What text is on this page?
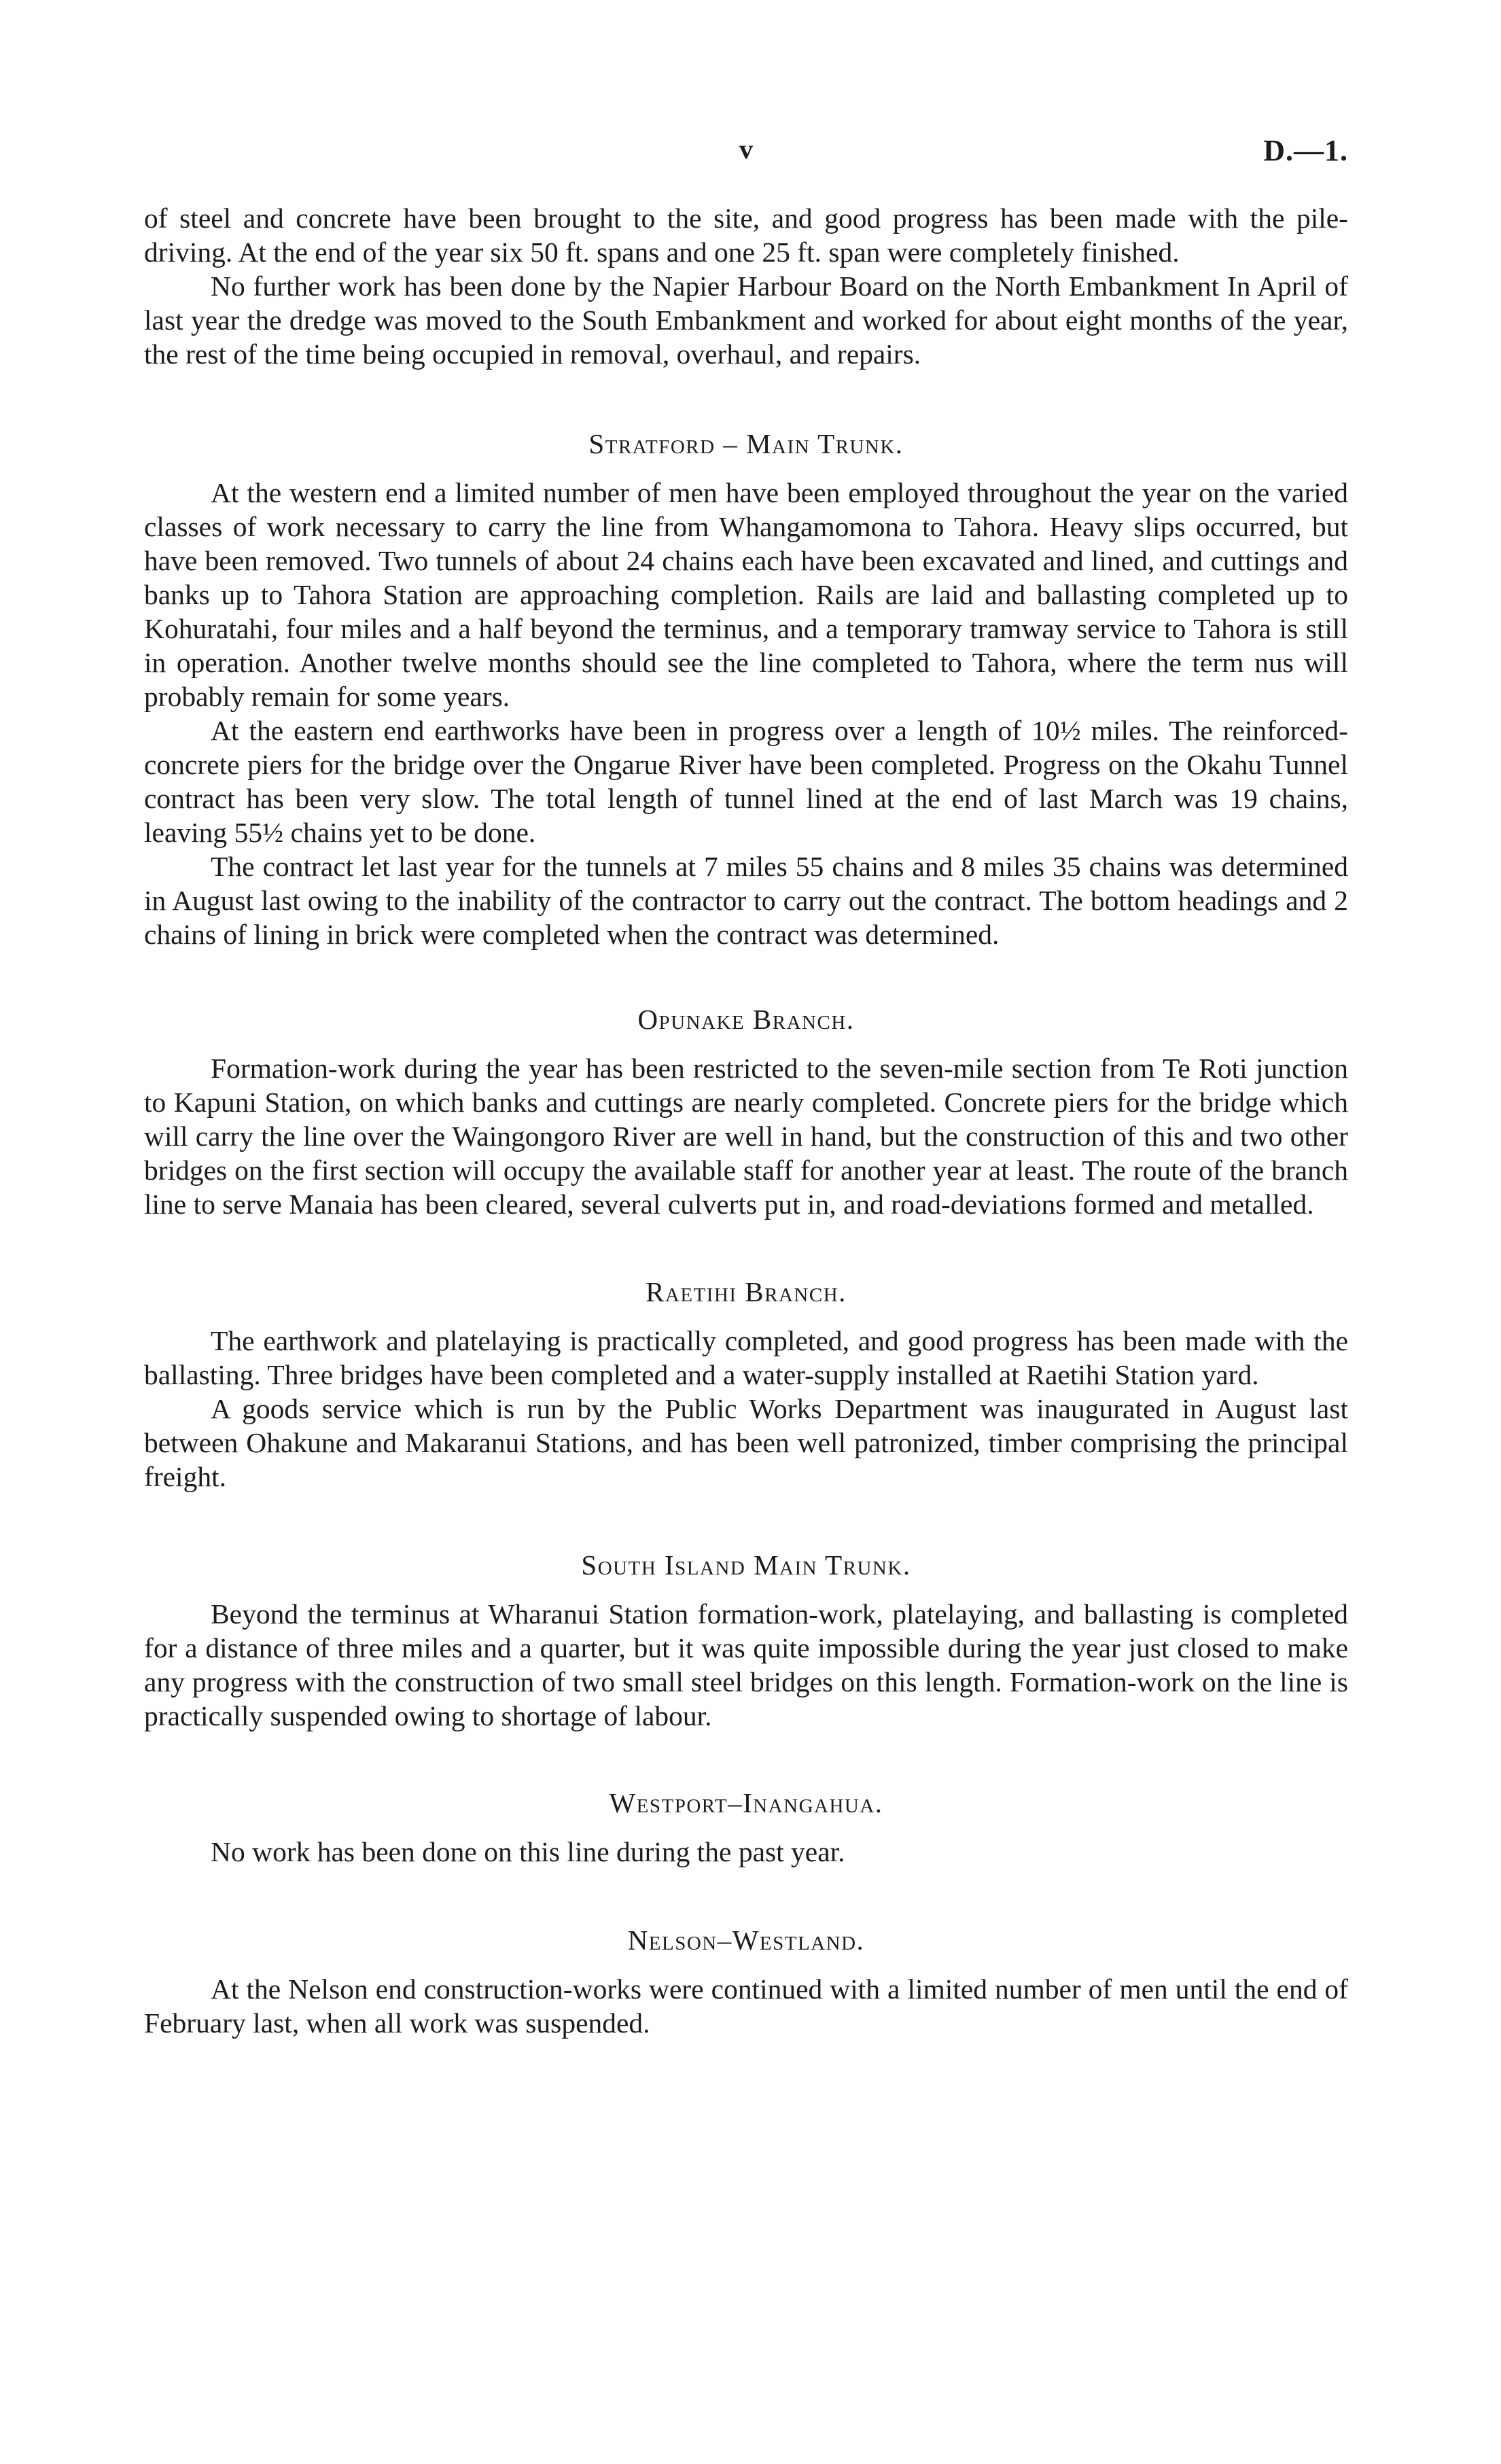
v	D.—1.

of steel and concrete have been brought to the site, and good progress has been made with the pile-driving. At the end of the year six 50 ft. spans and one 25 ft. span were completely finished.

No further work has been done by the Napier Harbour Board on the North Embankment In April of last year the dredge was moved to the South Embankment and worked for about eight months of the year, the rest of the time being occupied in removal, overhaul, and repairs.

Stratford – Main Trunk.

At the western end a limited number of men have been employed throughout the year on the varied classes of work necessary to carry the line from Whangamomona to Tahora. Heavy slips occurred, but have been removed. Two tunnels of about 24 chains each have been excavated and lined, and cuttings and banks up to Tahora Station are approaching completion. Rails are laid and ballasting completed up to Kohuratahi, four miles and a half beyond the terminus, and a temporary tramway service to Tahora is still in operation. Another twelve months should see the line completed to Tahora, where the term nus will probably remain for some years.

At the eastern end earthworks have been in progress over a length of 10½ miles. The reinforced-concrete piers for the bridge over the Ongarue River have been completed. Progress on the Okahu Tunnel contract has been very slow. The total length of tunnel lined at the end of last March was 19 chains, leaving 55½ chains yet to be done.

The contract let last year for the tunnels at 7 miles 55 chains and 8 miles 35 chains was determined in August last owing to the inability of the contractor to carry out the contract. The bottom headings and 2 chains of lining in brick were completed when the contract was determined.

Opunake Branch.

Formation-work during the year has been restricted to the seven-mile section from Te Roti junction to Kapuni Station, on which banks and cuttings are nearly completed. Concrete piers for the bridge which will carry the line over the Waingongoro River are well in hand, but the construction of this and two other bridges on the first section will occupy the available staff for another year at least. The route of the branch line to serve Manaia has been cleared, several culverts put in, and road-deviations formed and metalled.

Raetihi Branch.

The earthwork and platelaying is practically completed, and good progress has been made with the ballasting. Three bridges have been completed and a water-supply installed at Raetihi Station yard.

A goods service which is run by the Public Works Department was inaugurated in August last between Ohakune and Makaranui Stations, and has been well patronized, timber comprising the principal freight.

South Island Main Trunk.

Beyond the terminus at Wharanui Station formation-work, platelaying, and ballasting is completed for a distance of three miles and a quarter, but it was quite impossible during the year just closed to make any progress with the construction of two small steel bridges on this length. Formation-work on the line is practically suspended owing to shortage of labour.

Westport–Inangahua.

No work has been done on this line during the past year.

Nelson–Westland.

At the Nelson end construction-works were continued with a limited number of men until the end of February last, when all work was suspended.
